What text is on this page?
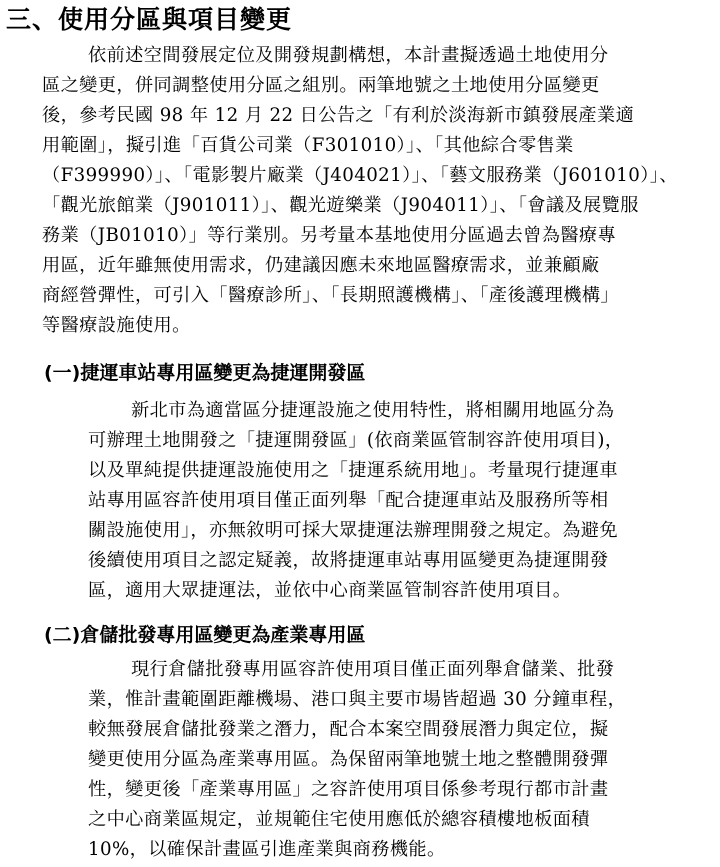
三、使用分區與項目變更
依前述空間發展定位及開發規劃構想，本計畫擬透過土地使用分
區之變更，併同調整使用分區之組別。兩筆地號之土地使用分區變更
後，參考民國 98 年 12 月 22 日公告之「有利於淡海新市鎮發展產業適
用範圍」，擬引進「百貨公司業（F301010）」、「其他綜合零售業
（F399990）」、「電影製片廠業（J404021）」、「藝文服務業（J601010）」、
「觀光旅館業（J901011）」、觀光遊樂業（J904011）」、「會議及展覽服
務業（JB01010）」等行業別。另考量本基地使用分區過去曾為醫療專
用區，近年雖無使用需求，仍建議因應未來地區醫療需求，並兼顧廠
商經營彈性，可引入「醫療診所」、「長期照護機構」、「產後護理機構」
等醫療設施使用。
(一)捷運車站專用區變更為捷運開發區
新北市為適當區分捷運設施之使用特性，將相關用地區分為
可辦理土地開發之「捷運開發區」(依商業區管制容許使用項目)，
以及單純提供捷運設施使用之「捷運系統用地」。考量現行捷運車
站專用區容許使用項目僅正面列舉「配合捷運車站及服務所等相
關設施使用」，亦無敘明可採大眾捷運法辦理開發之規定。為避免
後續使用項目之認定疑義，故將捷運車站專用區變更為捷運開發
區，適用大眾捷運法，並依中心商業區管制容許使用項目。
(二)倉儲批發專用區變更為產業專用區
現行倉儲批發專用區容許使用項目僅正面列舉倉儲業、批發
業，惟計畫範圍距離機場、港口與主要市場皆超過 30 分鐘車程，
較無發展倉儲批發業之潛力，配合本案空間發展潛力與定位，擬
變更使用分區為產業專用區。為保留兩筆地號土地之整體開發彈
性，變更後「產業專用區」之容許使用項目係參考現行都市計畫
之中心商業區規定，並規範住宅使用應低於總容積樓地板面積
10%，以確保計畫區引進產業與商務機能。
